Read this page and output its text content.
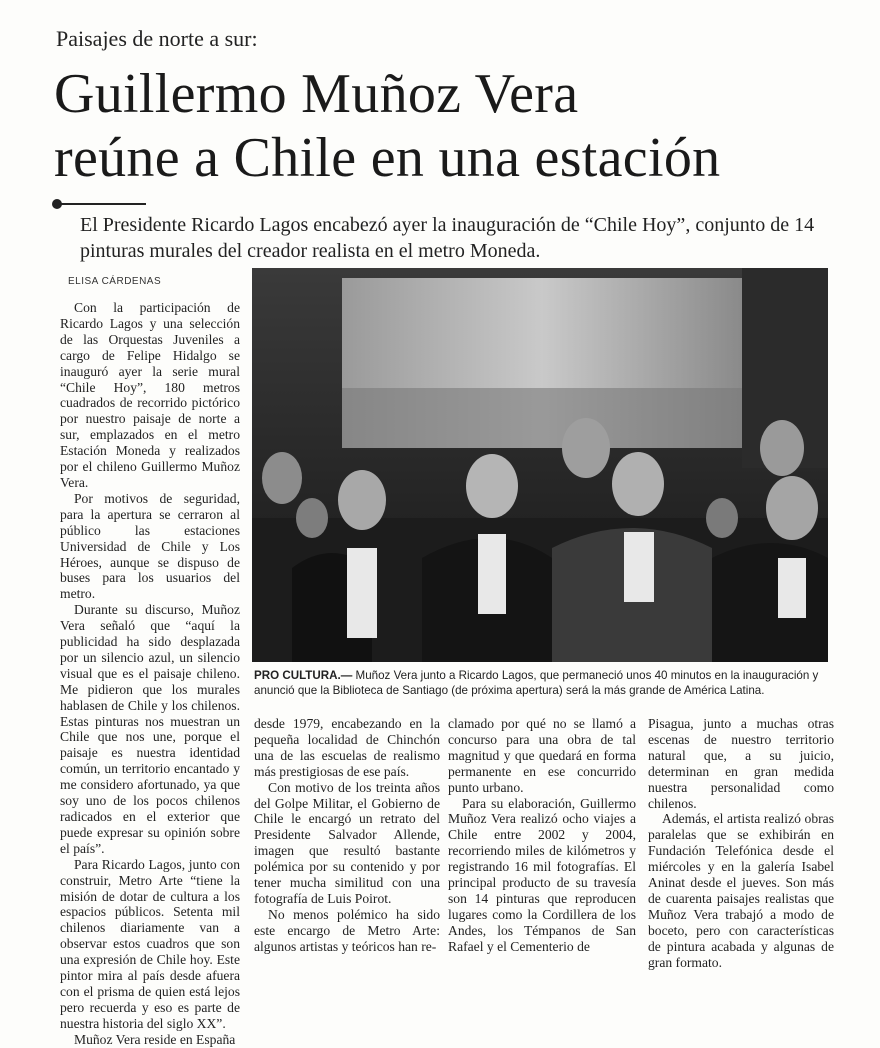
Paisajes de norte a sur:
Guillermo Muñoz Vera
reúne a Chile en una estación
El Presidente Ricardo Lagos encabezó ayer la inauguración de “Chile Hoy”, conjunto de 14 pinturas murales del creador realista en el metro Moneda.
ELISA CÁRDENAS

Con la participación de Ricardo Lagos y una selección de las Orquestas Juveniles a cargo de Felipe Hidalgo se inauguró ayer la serie mural “Chile Hoy”, 180 metros cuadrados de recorrido pictórico por nuestro paisaje de norte a sur, emplazados en el metro Estación Moneda y realizados por el chileno Guillermo Muñoz Vera.

Por motivos de seguridad, para la apertura se cerraron al público las estaciones Universidad de Chile y Los Héroes, aunque se dispuso de buses para los usuarios del metro.

Durante su discurso, Muñoz Vera señaló que “aquí la publicidad ha sido desplazada por un silencio azul, un silencio visual que es el paisaje chileno. Me pidieron que los murales hablasen de Chile y los chilenos. Estas pinturas nos muestran un Chile que nos une, porque el paisaje es nuestra identidad común, un territorio encantado y me considero afortunado, ya que soy uno de los pocos chilenos radicados en el exterior que puede expresar su opinión sobre el país”.

Para Ricardo Lagos, junto con construir, Metro Arte “tiene la misión de dotar de cultura a los espacios públicos. Setenta mil chilenos diariamente van a observar estos cuadros que son una expresión de Chile hoy. Este pintor mira al país desde afuera con el prisma de quien está lejos pero recuerda y eso es parte de nuestra historia del siglo XX”.

Muñoz Vera reside en España

PRO CULTURA.— Muñoz Vera junto a Ricardo Lagos, que permaneció unos 40 minutos en la inauguración y anunció que la Biblioteca de Santiago (de próxima apertura) será la más grande de América Latina.

desde 1979, encabezando en la pequeña localidad de Chinchón una de las escuelas de realismo más prestigiosas de ese país.

Con motivo de los treinta años del Golpe Militar, el Gobierno de Chile le encargó un retrato del Presidente Salvador Allende, imagen que resultó bastante polémica por su contenido y por tener mucha similitud con una fotografía de Luis Poirot.

No menos polémico ha sido este encargo de Metro Arte: algunos artistas y teóricos han re-

clamado por qué no se llamó a concurso para una obra de tal magnitud y que quedará en forma permanente en ese concurrido punto urbano.

Para su elaboración, Guillermo Muñoz Vera realizó ocho viajes a Chile entre 2002 y 2004, recorriendo miles de kilómetros y registrando 16 mil fotografías. El principal producto de su travesía son 14 pinturas que reproducen lugares como la Cordillera de los Andes, los Témpanos de San Rafael y el Cementerio de

Pisagua, junto a muchas otras escenas de nuestro territorio natural que, a su juicio, determinan en gran medida nuestra personalidad como chilenos.

Además, el artista realizó obras paralelas que se exhibirán en Fundación Telefónica desde el miércoles y en la galería Isabel Aninat desde el jueves. Son más de cuarenta paisajes realistas que Muñoz Vera trabajó a modo de boceto, pero con características de pintura acabada y algunas de gran formato.
